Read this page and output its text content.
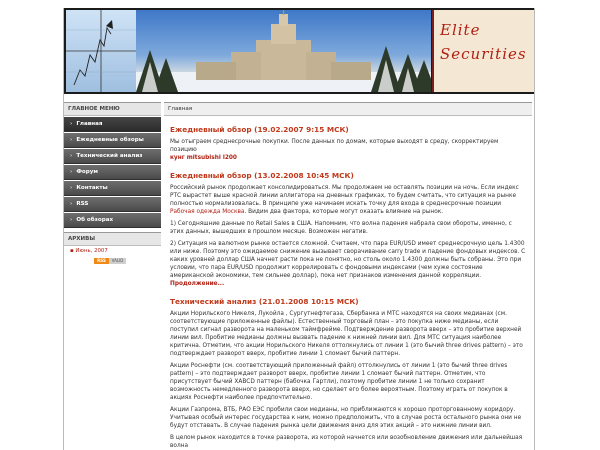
Elite
Securities
ГЛАВНОЕ МЕНЮ
› Главная
› Ежедневные обзоры
› Технический анализ
› Форум
› Контакты
› RSS
› Об обзорах
АРХИВЫ
▪ Июнь, 2007
RSS VALID
Главная
Ежедневный обзор (19.02.2007 9:15 МСК)

Мы отыграем среднесрочные покупки. После данных по домам, которые выходят в среду, скорректируем позицию
кунг mitsubishi l200

Ежедневный обзор (13.02.2008 10:45 МСК)

Российский рынок продолжает консолидироваться. Мы продолжаем не оставлять позиции на ночь. Если индекс РТС вырастет выше красной линии аллигатора на дневных графиках, то будем считать, что ситуация на рынке полностью нормализовалась. В принципе уже начинаем искать точку для входа в среднесрочные позиции Рабочая одежда Москва. Видим два фактора, которые могут оказать влияние на рынок.

1) Сегодняшние данные по Retail Sales в США. Напомним, что волна падения набрала свои обороты, именно, с этих данных, вышедших в прошлом месяце. Возможен негатив.

2) Ситуация на валютном рынке остается сложной. Считаем, что пара EUR/USD имеет среднесрочную цель 1.4300 или ниже. Поэтому это ожидаемое снижение вызывает сворачивание carry trade и падение фондовых индексов. С каких уровней доллар США начнет расти пока не понятно, но столь около 1.4300 должны быть собраны. Это при условии, что пара EUR/USD продолжит коррелировать с фондовыми индексами (чем хуже состояние американской экономики, тем сильнее доллар), пока нет признаков изменения данной корреляции.
Продолжение...

Технический анализ (21.01.2008 10:15 МСК)

Акции Норильского Никеля, Лукойла , Сургутнефтегаза, Сбербанка и МТС находятся на своих медианах (см. соответствующие приложенные файлы). Естественный торговый план – это покупка ниже медианы, если поступил сигнал разворота на маленьком таймфрейме. Подтверждение разворота вверх – это пробитие верхней линии вил. Пробитие медианы должны вызвать падение к нижней линии вил. Для МТС ситуация наиболее критична. Отметим, что акции Норильского Никеля оттолкнулись от линии 1 (это бычий three drives pattern) – это подтверждает разворот вверх, пробитие линии 1 сломает бычий паттерн.

Акции Роснефти (см. соответствующий приложенный файл) оттолкнулись от линии 1 (это бычий three drives pattern) – это подтверждает разворот вверх, пробитие линии 1 сломает бычий паттерн. Отметим, что присутствует бычий ХАВСD паттерн (бабочка Гартли), поэтому пробитие линии 1 не только сохранит возможность немедленного разворота вверх, но сделает его более вероятным. Поэтому играть от покупок в акциях Роснефти наиболее предпочтительно.

Акции Газпрома, ВТБ, РАО ЕЭС пробили свои медианы, но приближаются к хорошо проторгованному коридору. Учитывая особый интерес государства к ним, можно предположить, что в случае роста остального рынка они не будут отставать. В случае падения рынка цели движения вниз для этих акций – это нижние линии вил.

В целом рынок находится в точке разворота, из которой начнется или возобновление движения или дальнейшая волна
